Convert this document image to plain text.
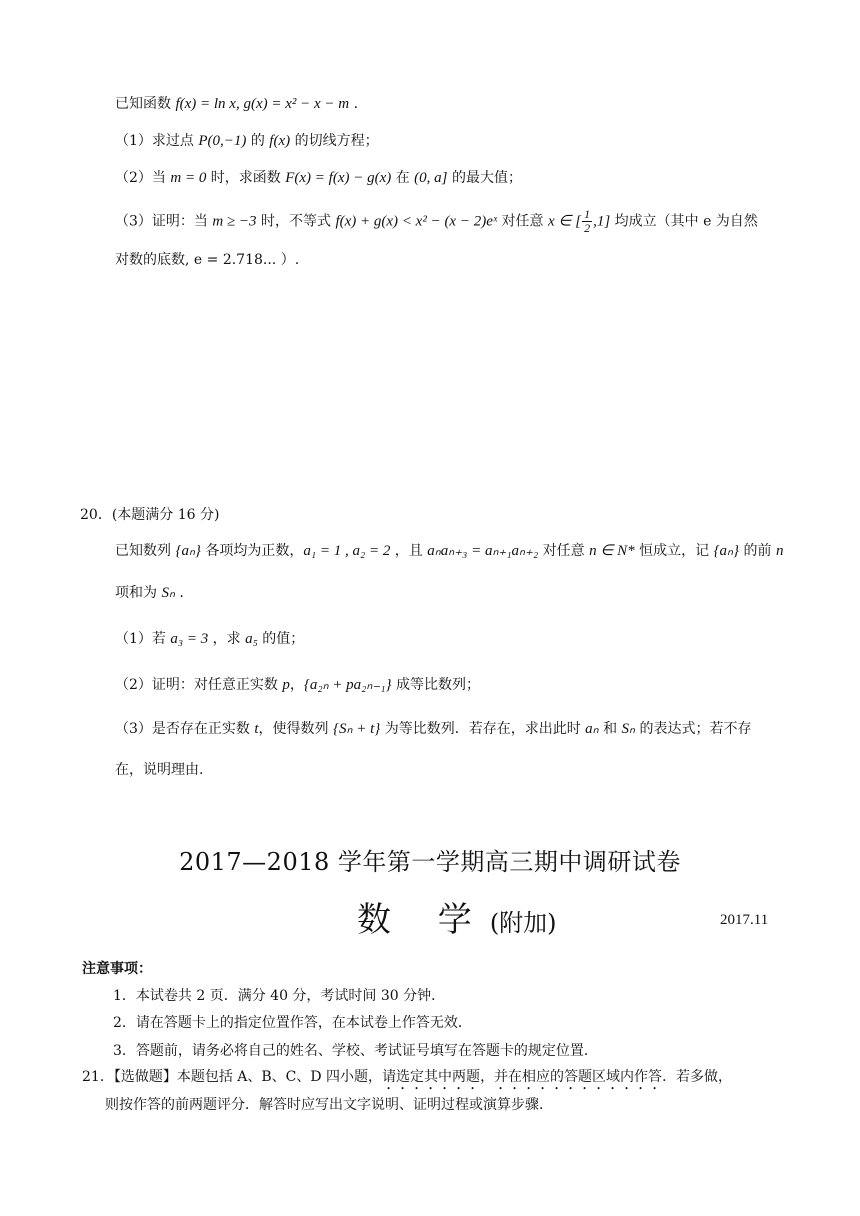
已知函数 f(x) = ln x, g(x) = x² − x − m .
（1）求过点 P(0,−1) 的 f(x) 的切线方程；
（2）当 m = 0 时，求函数 F(x) = f(x) − g(x) 在 (0, a] 的最大值；
（3）证明：当 m ≥ −3 时，不等式 f(x) + g(x) < x² − (x − 2)eˣ 对任意 x ∈ [ $\frac{1}{2} ,1$] 均成立（其中 e 为自然
对数的底数, e = 2.718... ）.
20．(本题满分 16 分)
已知数列 {aₙ} 各项均为正数，a₁ = 1 , a₂ = 2 ，且 aₙaₙ₊₃ = aₙ₊₁aₙ₊₂ 对任意 n ∈ N* 恒成立，记 {aₙ} 的前 n
项和为 Sₙ .
（1）若 a₃ = 3 ，求 a₅ 的值；
（2）证明：对任意正实数 p，{a₂ₙ + pa₂ₙ₋₁} 成等比数列；
（3）是否存在正实数 t，使得数列 {Sₙ + t} 为等比数列．若存在，求出此时 aₙ 和 Sₙ 的表达式；若不存
在，说明理由.
2017—2018 学年第一学期高三期中调研试卷
数 学(附加)	2017.11
注意事项：
1．本试卷共 2 页．满分 40 分，考试时间 30 分钟．
2．请在答题卡上的指定位置作答，在本试卷上作答无效．
3．答题前，请务必将自己的姓名、学校、考试证号填写在答题卡的规定位置．
21．【选做题】本题包括 A、B、C、D 四小题，请选定其中两题，并在相应的答题区域内作答．若多做，
则按作答的前两题评分．解答时应写出文字说明、证明过程或演算步骤．
